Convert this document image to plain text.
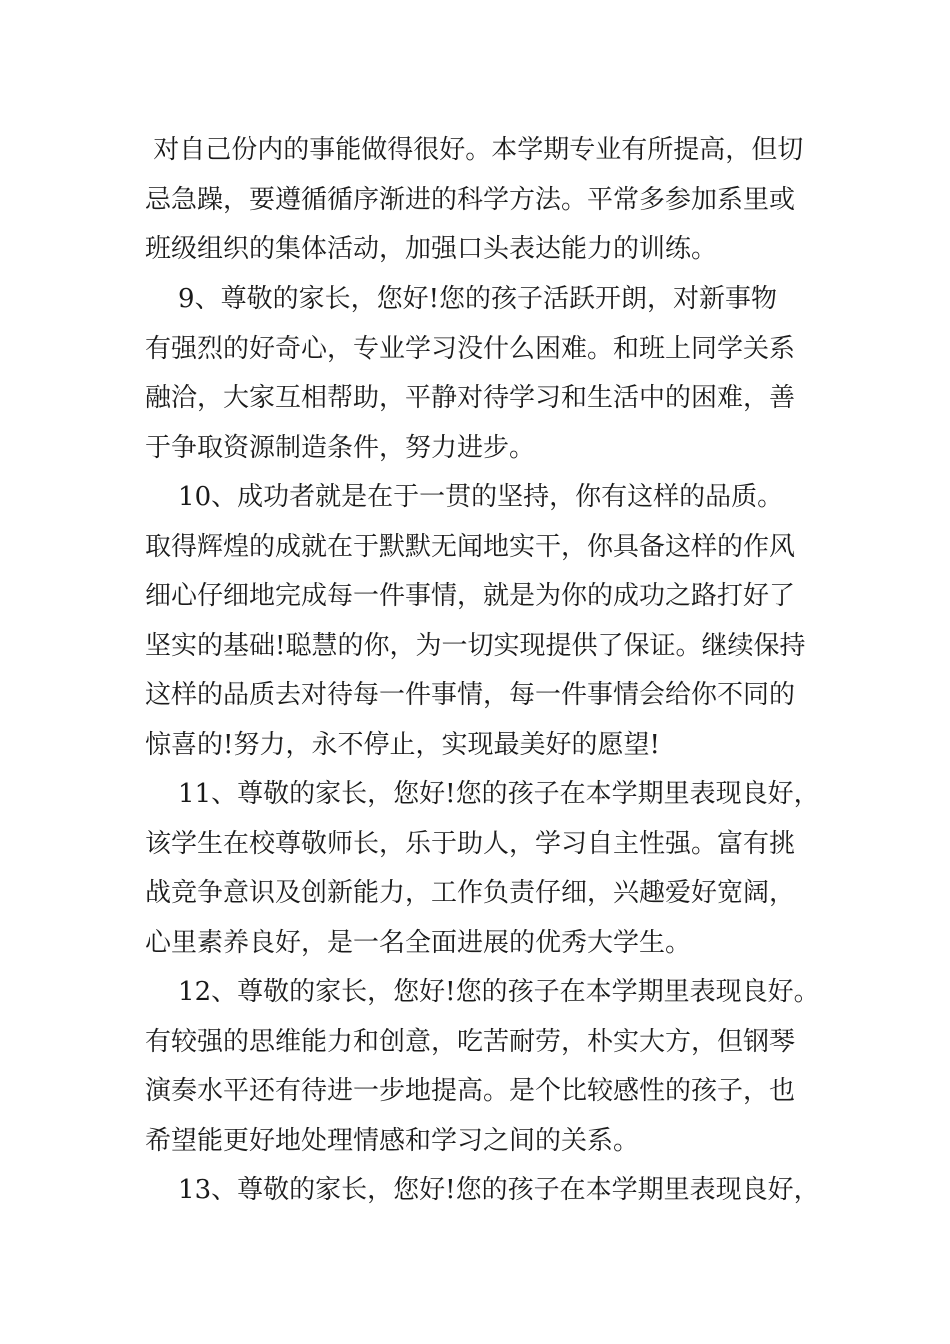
对自己份内的事能做得很好。本学期专业有所提高，但切
忌急躁，要遵循循序渐进的科学方法。平常多参加系里或
班级组织的集体活动，加强口头表达能力的训练。
9、尊敬的家长，您好!您的孩子活跃开朗，对新事物
有强烈的好奇心，专业学习没什么困难。和班上同学关系
融洽，大家互相帮助，平静对待学习和生活中的困难，善
于争取资源制造条件，努力进步。
10、成功者就是在于一贯的坚持，你有这样的品质。
取得辉煌的成就在于默默无闻地实干，你具备这样的作风
细心仔细地完成每一件事情，就是为你的成功之路打好了
坚实的基础!聪慧的你，为一切实现提供了保证。继续保持
这样的品质去对待每一件事情，每一件事情会给你不同的
惊喜的!努力，永不停止，实现最美好的愿望!
11、尊敬的家长，您好!您的孩子在本学期里表现良好，
该学生在校尊敬师长，乐于助人，学习自主性强。富有挑
战竞争意识及创新能力，工作负责仔细，兴趣爱好宽阔，
心里素养良好，是一名全面进展的优秀大学生。
12、尊敬的家长，您好!您的孩子在本学期里表现良好。
有较强的思维能力和创意，吃苦耐劳，朴实大方，但钢琴
演奏水平还有待进一步地提高。是个比较感性的孩子，也
希望能更好地处理情感和学习之间的关系。
13、尊敬的家长，您好!您的孩子在本学期里表现良好，
